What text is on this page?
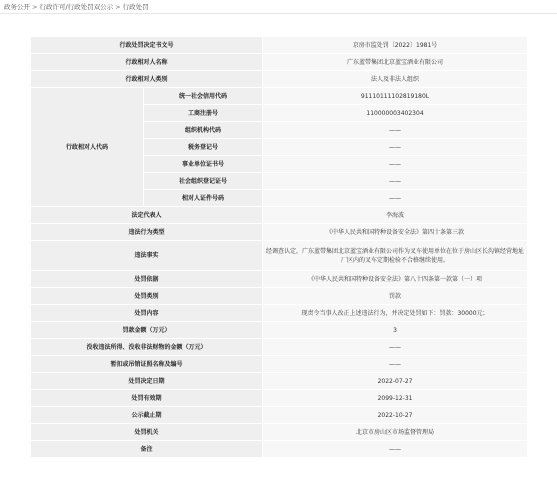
政务公开 > 行政许可/行政处罚双公示 > 行政处罚
行政处罚决定书文号		京房市监处罚〔2022〕1981号
行政相对人名称		广东蓝带集团北京蓝宝酒业有限公司
行政相对人类别		法人及非法人组织
行政相对人代码	统一社会信用代码	91110111102819180L
	工商注册号	110000003402304
	组织机构代码	——
	税务登记号	——
	事业单位证书号	——
	社会组织登记证号	——
	相对人证件号码	——
法定代表人		李海波
违法行为类型		《中华人民共和国特种设备安全法》第四十条第三款
违法事实		经调查认定，广东蓝带集团北京蓝宝酒业有限公司作为叉车使用单位在位于房山区长沟镇经营地址厂区内的叉车定期检验不合格继续使用。
处罚依据		《中华人民共和国特种设备安全法》第八十四条第一款第（一）项
处罚类别		罚款
处罚内容		现责令当事人改正上述违法行为，并决定处罚如下：罚款：30000元；
罚款金额（万元）		3
没收违法所得、没收非法财物的金额（万元）		——
暂扣或吊销证照名称及编号		——
处罚决定日期		2022-07-27
处罚有效期		2099-12-31
公示截止期		2022-10-27
处罚机关		北京市房山区市场监督管理局
备注		——
